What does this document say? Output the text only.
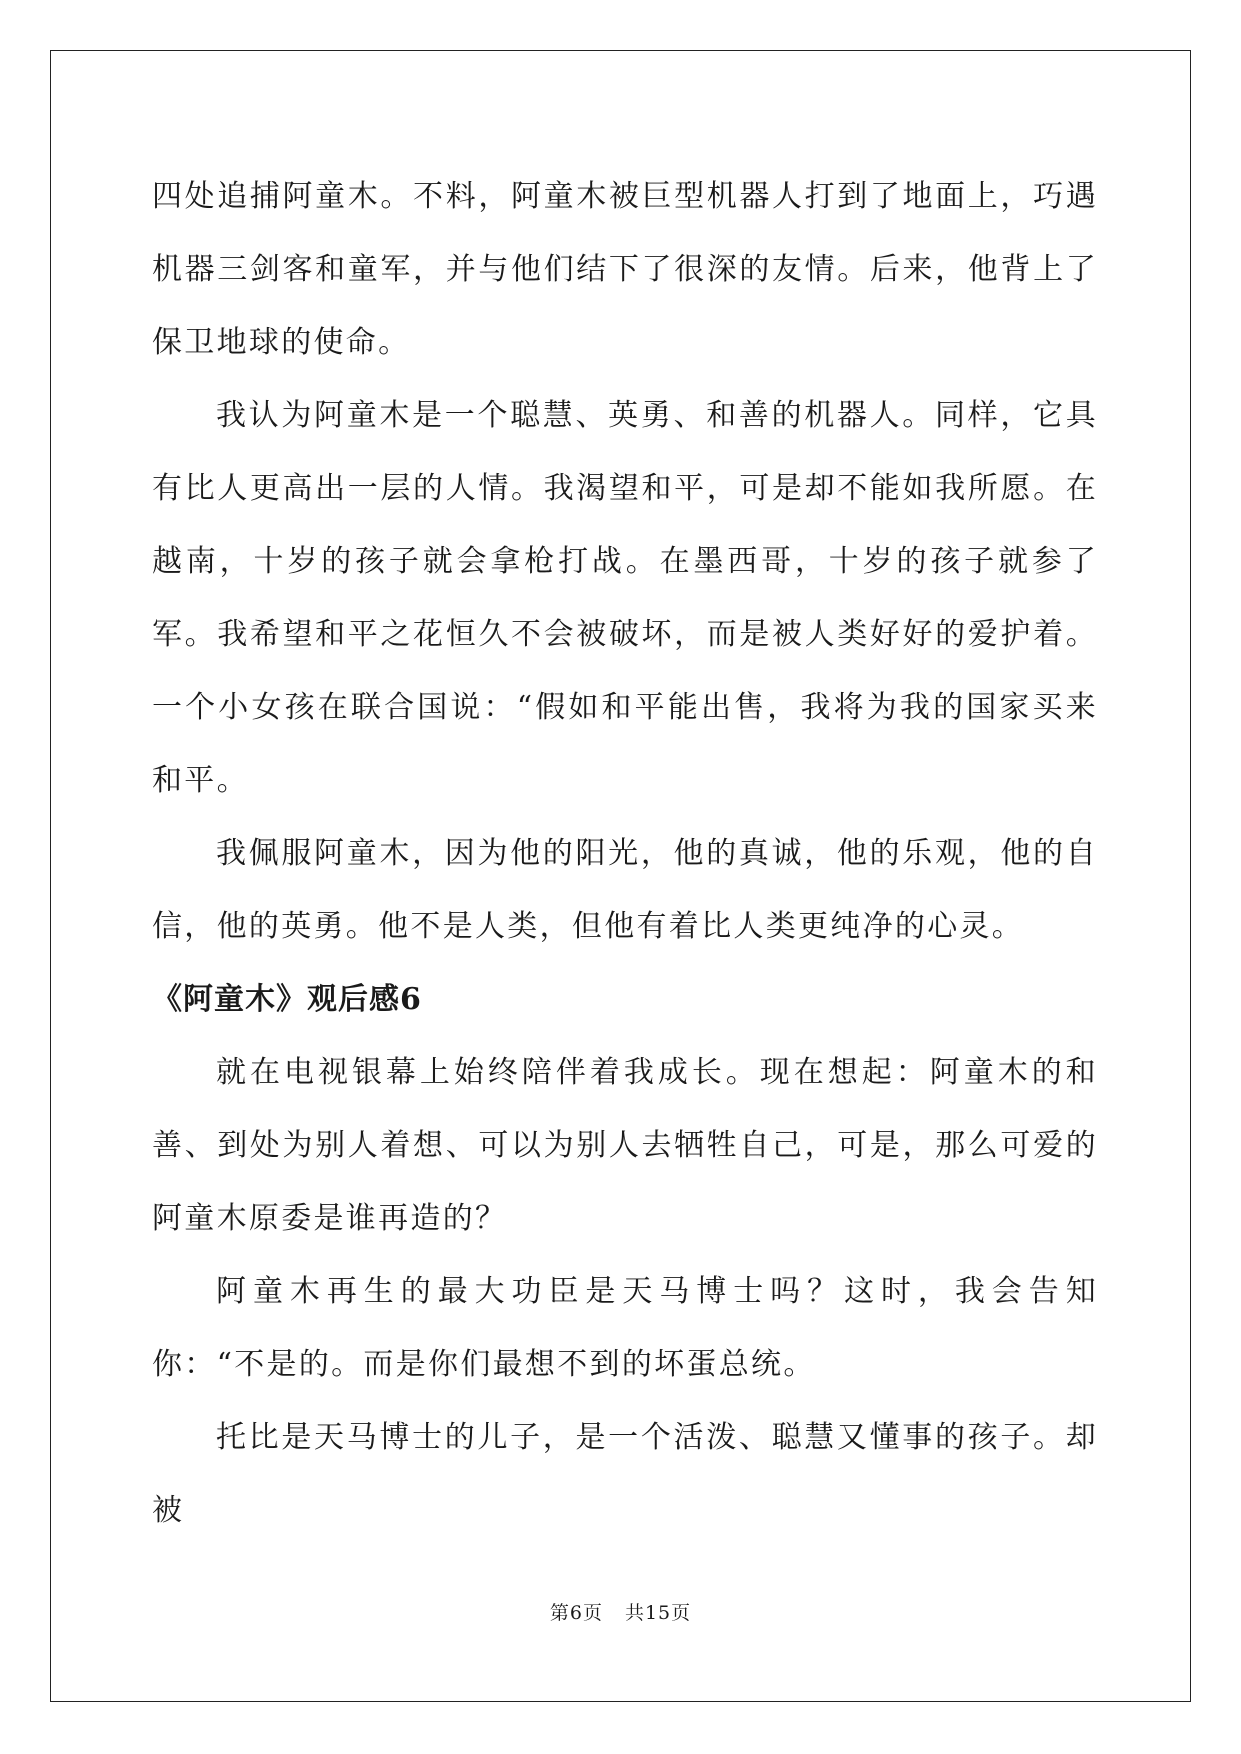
四处追捕阿童木。不料，阿童木被巨型机器人打到了地面上，巧遇机器三剑客和童军，并与他们结下了很深的友情。后来，他背上了保卫地球的使命。

我认为阿童木是一个聪慧、英勇、和善的机器人。同样，它具有比人更高出一层的人情。我渴望和平，可是却不能如我所愿。在越南，十岁的孩子就会拿枪打战。在墨西哥，十岁的孩子就参了军。我希望和平之花恒久不会被破坏，而是被人类好好的爱护着。一个小女孩在联合国说：“假如和平能出售，我将为我的国家买来和平。

我佩服阿童木，因为他的阳光，他的真诚，他的乐观，他的自信，他的英勇。他不是人类，但他有着比人类更纯净的心灵。

《阿童木》观后感6

就在电视银幕上始终陪伴着我成长。现在想起：阿童木的和善、到处为别人着想、可以为别人去牺牲自己，可是，那么可爱的阿童木原委是谁再造的？

阿童木再生的最大功臣是天马博士吗？这时，我会告知你：“不是的。而是你们最想不到的坏蛋总统。

托比是天马博士的儿子，是一个活泼、聪慧又懂事的孩子。却被

第6页 共15页
